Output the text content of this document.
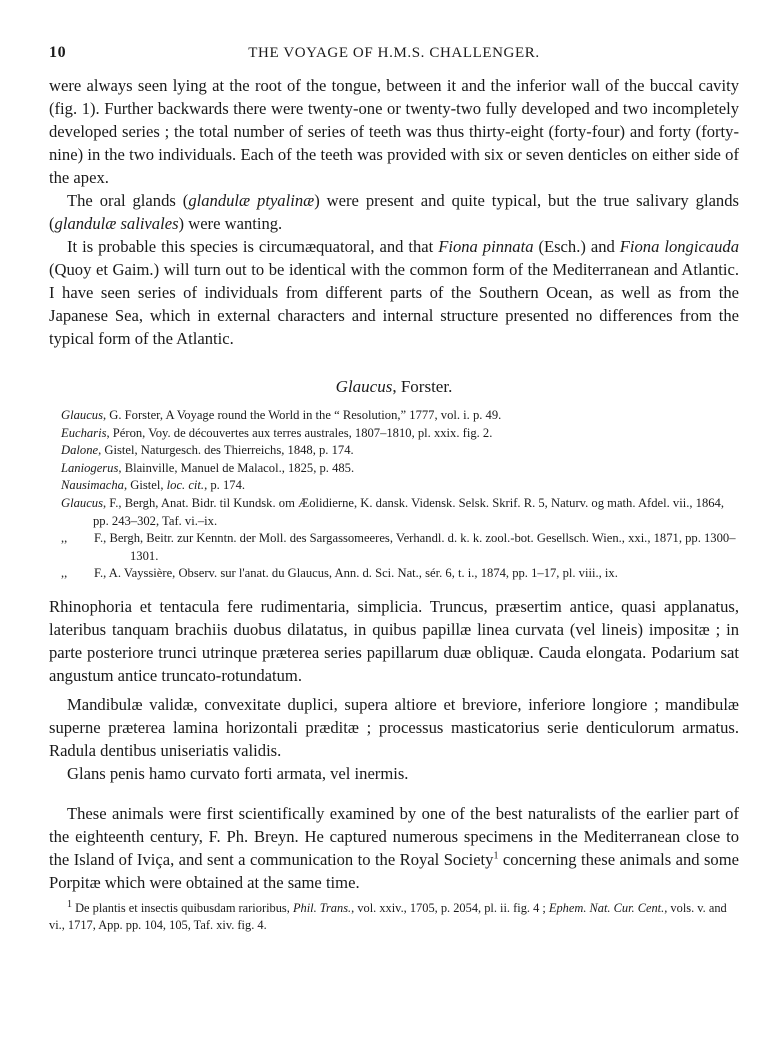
10	THE VOYAGE OF H.M.S. CHALLENGER.

were always seen lying at the root of the tongue, between it and the inferior wall of the buccal cavity (fig. 1). Further backwards there were twenty-one or twenty-two fully developed and two incompletely developed series ; the total number of series of teeth was thus thirty-eight (forty-four) and forty (forty-nine) in the two individuals. Each of the teeth was provided with six or seven denticles on either side of the apex.

The oral glands (glandulæ ptyalinæ) were present and quite typical, but the true salivary glands (glandulæ salivales) were wanting.

It is probable this species is circumæquatoral, and that Fiona pinnata (Esch.) and Fiona longicauda (Quoy et Gaim.) will turn out to be identical with the common form of the Mediterranean and Atlantic. I have seen series of individuals from different parts of the Southern Ocean, as well as from the Japanese Sea, which in external characters and internal structure presented no differences from the typical form of the Atlantic.

Glaucus, Forster.
Glaucus, G. Forster, A Voyage round the World in the “ Resolution,” 1777, vol. i. p. 49.
Eucharis, Péron, Voy. de découvertes aux terres australes, 1807–1810, pl. xxix. fig. 2.
Dalone, Gistel, Naturgesch. des Thierreichs, 1848, p. 174.
Laniogerus, Blainville, Manuel de Malacol., 1825, p. 485.
Nausimacha, Gistel, loc. cit., p. 174.
Glaucus, F., Bergh, Anat. Bidr. til Kundsk. om Æolidierne, K. dansk. Vidensk. Selsk. Skrif. R. 5, Naturv. og math. Afdel. vii., 1864, pp. 243–302, Taf. vi.–ix.
,, F., Bergh, Beitr. zur Kenntn. der Moll. des Sargassomeeres, Verhandl. d. k. k. zool.-bot. Gesellsch. Wien., xxi., 1871, pp. 1300–1301.
,, F., A. Vayssière, Observ. sur l'anat. du Glaucus, Ann. d. Sci. Nat., sér. 6, t. i., 1874, pp. 1–17, pl. viii., ix.

Rhinophoria et tentacula fere rudimentaria, simplicia. Truncus, præsertim antice, quasi applanatus, lateribus tanquam brachiis duobus dilatatus, in quibus papillæ linea curvata (vel lineis) impositæ ; in parte posteriore trunci utrinque præterea series papillarum duæ obliquæ. Cauda elongata. Podarium sat angustum antice truncato-rotundatum.

Mandibulæ validæ, convexitate duplici, supera altiore et breviore, inferiore longiore ; mandibulæ superne præterea lamina horizontali præditæ ; processus masticatorius serie denticulorum armatus. Radula dentibus uniseriatis validis.

Glans penis hamo curvato forti armata, vel inermis.

These animals were first scientifically examined by one of the best naturalists of the earlier part of the eighteenth century, F. Ph. Breyn. He captured numerous specimens in the Mediterranean close to the Island of Iviça, and sent a communication to the Royal Society$^1$ concerning these animals and some Porpitæ which were obtained at the same time.

$^1$ De plantis et insectis quibusdam rarioribus, Phil. Trans., vol. xxiv., 1705, p. 2054, pl. ii. fig. 4 ; Ephem. Nat. Cur. Cent., vols. v. and vi., 1717, App. pp. 104, 105, Taf. xiv. fig. 4.
